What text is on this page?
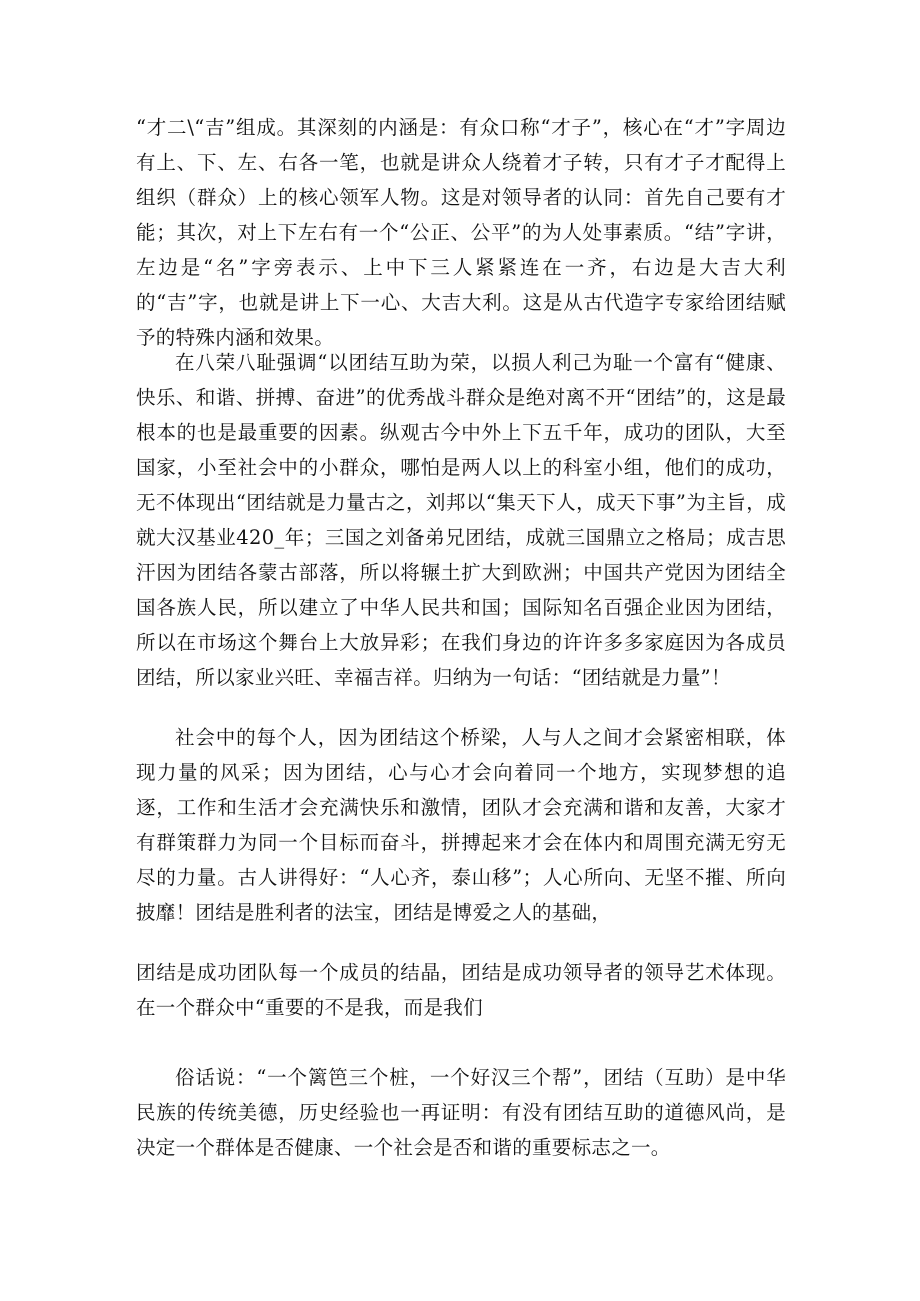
“才二\“吉”组成。其深刻的内涵是：有众口称“才子”，核心在“才”字周边有上、下、左、右各一笔，也就是讲众人绕着才子转，只有才子才配得上组织（群众）上的核心领军人物。这是对领导者的认同：首先自己要有才能；其次，对上下左右有一个“公正、公平”的为人处事素质。“结”字讲，左边是“名”字旁表示、上中下三人紧紧连在一齐，右边是大吉大利的“吉”字，也就是讲上下一心、大吉大利。这是从古代造字专家给团结赋予的特殊内涵和效果。

在八荣八耻强调“以团结互助为荣，以损人利己为耻一个富有“健康、快乐、和谐、拼搏、奋进”的优秀战斗群众是绝对离不开“团结”的，这是最根本的也是最重要的因素。纵观古今中外上下五千年，成功的团队，大至国家，小至社会中的小群众，哪怕是两人以上的科室小组，他们的成功，无不体现出“团结就是力量古之，刘邦以“集天下人，成天下事”为主旨，成就大汉基业420_年；三国之刘备弟兄团结，成就三国鼎立之格局；成吉思汗因为团结各蒙古部落，所以将辗土扩大到欧洲；中国共产党因为团结全国各族人民，所以建立了中华人民共和国；国际知名百强企业因为团结，所以在市场这个舞台上大放异彩；在我们身边的许许多多家庭因为各成员团结，所以家业兴旺、幸福吉祥。归纳为一句话：“团结就是力量”！

社会中的每个人，因为团结这个桥梁，人与人之间才会紧密相联，体现力量的风采；因为团结，心与心才会向着同一个地方，实现梦想的追逐，工作和生活才会充满快乐和激情，团队才会充满和谐和友善，大家才有群策群力为同一个目标而奋斗，拼搏起来才会在体内和周围充满无穷无尽的力量。古人讲得好：“人心齐，泰山移”；人心所向、无坚不摧、所向披靡！团结是胜利者的法宝，团结是博爱之人的基础，

团结是成功团队每一个成员的结晶，团结是成功领导者的领导艺术体现。在一个群众中“重要的不是我，而是我们

俗话说：“一个篱笆三个桩，一个好汉三个帮”，团结（互助）是中华民族的传统美德，历史经验也一再证明：有没有团结互助的道德风尚，是决定一个群体是否健康、一个社会是否和谐的重要标志之一。
